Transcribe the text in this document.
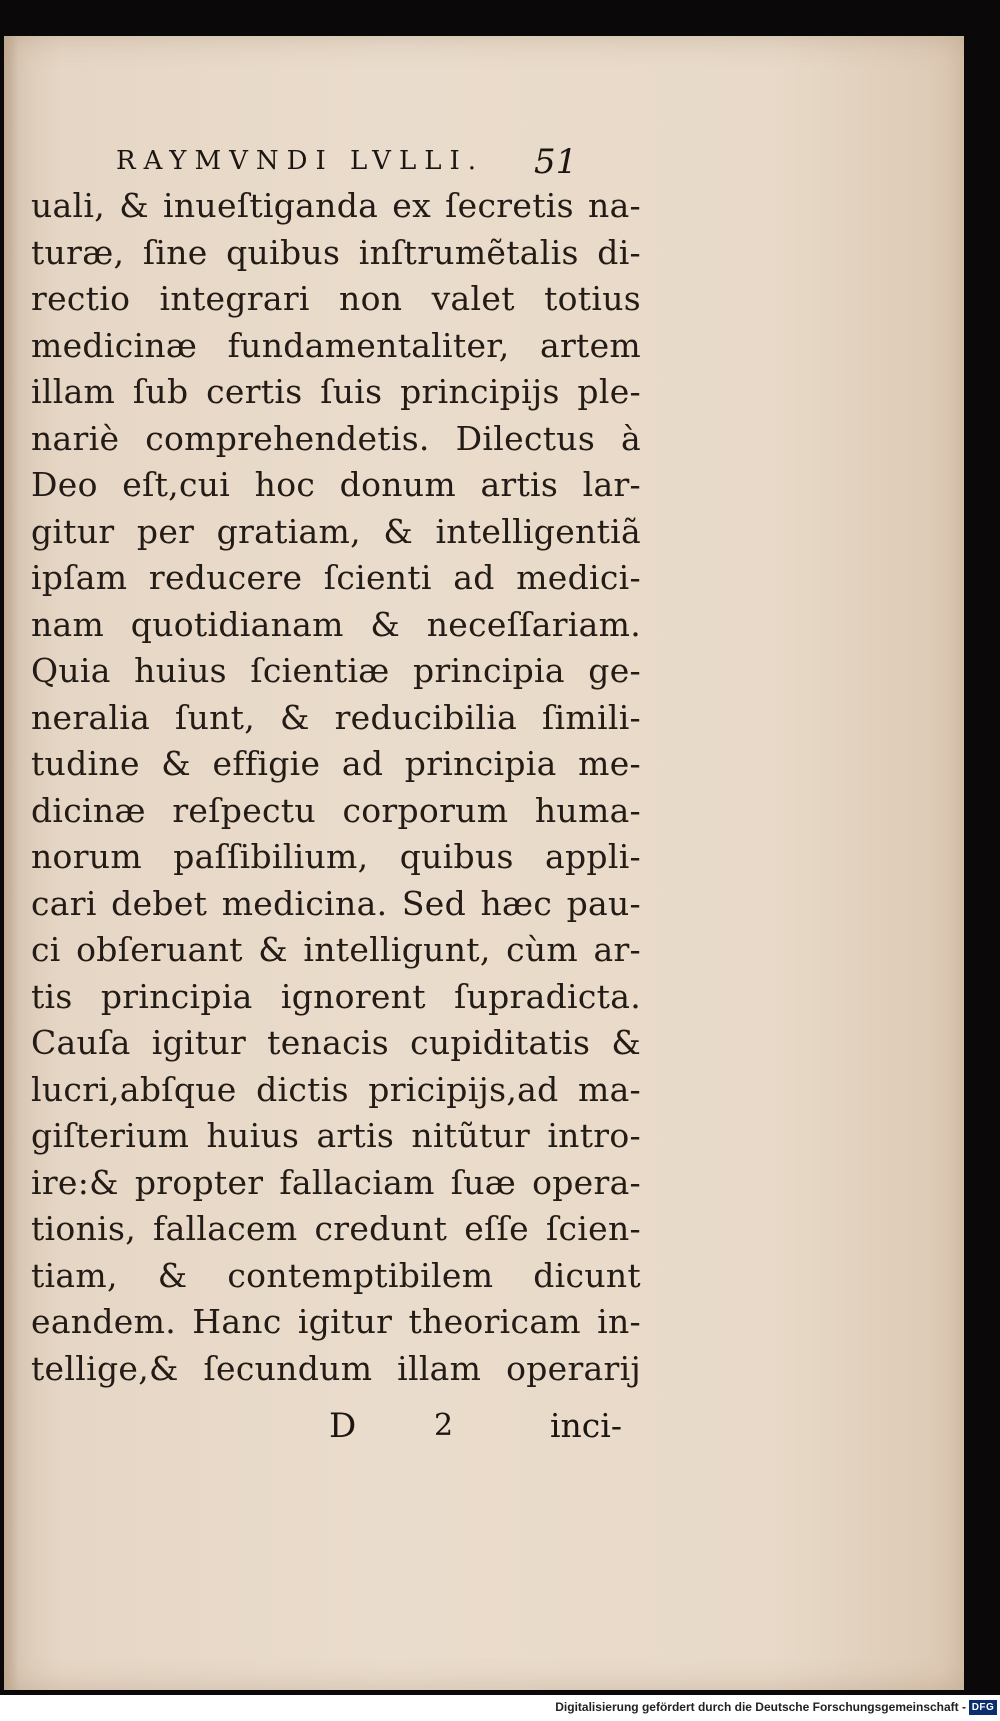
RAYMVNDI LVLLI. 51
uali, & inueſtiganda ex ſecretis na-
turæ, ſine quibus inſtrumẽtalis di-
rectio integrari non valet totius
medicinæ fundamentaliter, artem
illam ſub certis ſuis principijs ple-
nariè comprehendetis. Dilectus à
Deo eſt,cui hoc donum artis lar-
gitur per gratiam, & intelligentiã
ipſam reducere ſcienti ad medici-
nam quotidianam & neceſſariam.
Quia huius ſcientiæ principia ge-
neralia ſunt, & reducibilia ſimili-
tudine & effigie ad principia me-
dicinæ reſpectu corporum huma-
norum paſſibilium, quibus appli-
cari debet medicina. Sed hæc pau-
ci obſeruant & intelligunt, cùm ar-
tis principia ignorent ſupradicta.
Cauſa igitur tenacis cupiditatis &
lucri,abſque dictis pricipijs,ad ma-
giſterium huius artis nitũtur intro-
ire:& propter fallaciam ſuæ opera-
tionis, fallacem credunt eſſe ſcien-
tiam, & contemptibilem dicunt
eandem. Hanc igitur theoricam in-
tellige,& ſecundum illam operarij
D	2	inci-
Digitalisierung gefördert durch die Deutsche Forschungsgemeinschaft - DFG
